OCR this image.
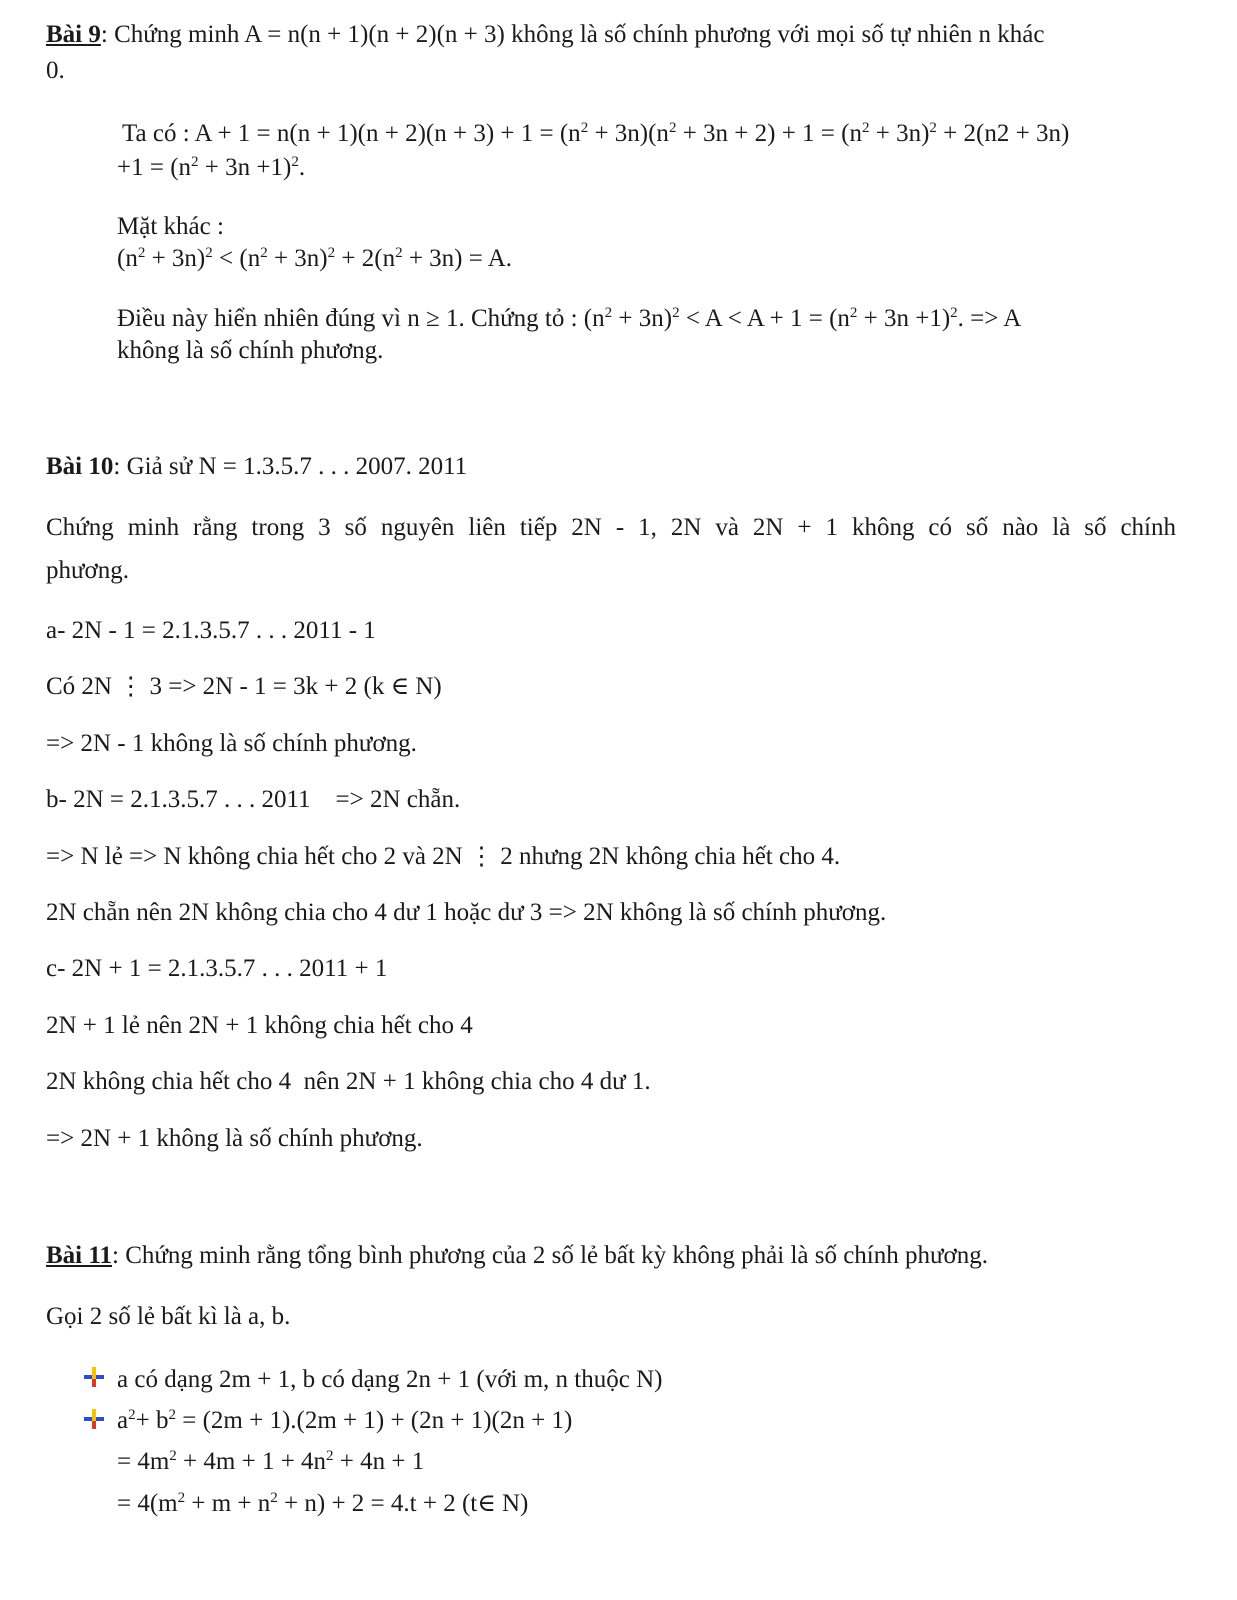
Bài 9: Chứng minh A = n(n + 1)(n + 2)(n + 3) không là số chính phương với mọi số tự nhiên n khác
0.
Ta có : $A + 1 = n(n + 1)(n + 2)(n + 3) + 1 = (n^2 + 3n)(n^2 + 3n + 2) + 1 = (n^2 + 3n)^2 + 2(n2 + 3n)$
$+1 = (n^2 + 3n +1)^2$.
Mặt khác :
$(n^2 + 3n)^2 < (n^2 + 3n)^2 + 2(n^2 + 3n) = A$.
Điều này hiển nhiên đúng vì n ≥ 1. Chứng tỏ : $(n^2 + 3n)^2 < A < A + 1 = (n^2 + 3n +1)^2$. => A
không là số chính phương.
Bài 10: Giả sử N = 1.3.5.7 . . . 2007. 2011
Chứng minh rằng trong 3 số nguyên liên tiếp 2N - 1, 2N và 2N + 1 không có số nào là số chính
phương.
a- 2N - 1 = 2.1.3.5.7 . . . 2011 - 1
Có 2N ⋮ 3 => 2N - 1 = 3k + 2 (k ∈ N)
=> 2N - 1 không là số chính phương.
b- 2N = 2.1.3.5.7 . . . 2011    => 2N chẵn.
=> N lẻ => N không chia hết cho 2 và 2N ⋮ 2 nhưng 2N không chia hết cho 4.
2N chẵn nên 2N không chia cho 4 dư 1 hoặc dư 3 => 2N không là số chính phương.
c- 2N + 1 = 2.1.3.5.7 . . . 2011 + 1
2N + 1 lẻ nên 2N + 1 không chia hết cho 4
2N không chia hết cho 4  nên 2N + 1 không chia cho 4 dư 1.
=> 2N + 1 không là số chính phương.
Bài 11: Chứng minh rằng tổng bình phương của 2 số lẻ bất kỳ không phải là số chính phương.
Gọi 2 số lẻ bất kì là a, b.
a có dạng 2m + 1, b có dạng 2n + 1 (với m, n thuộc N)
$a^2+ b^2 = (2m + 1).(2m + 1) + (2n + 1)(2n + 1)$
= $4m^2 + 4m + 1 + 4n^2 + 4n + 1$
= $4(m^2 + m + n^2 + n) + 2 = 4.t + 2$ (t∈ N)
